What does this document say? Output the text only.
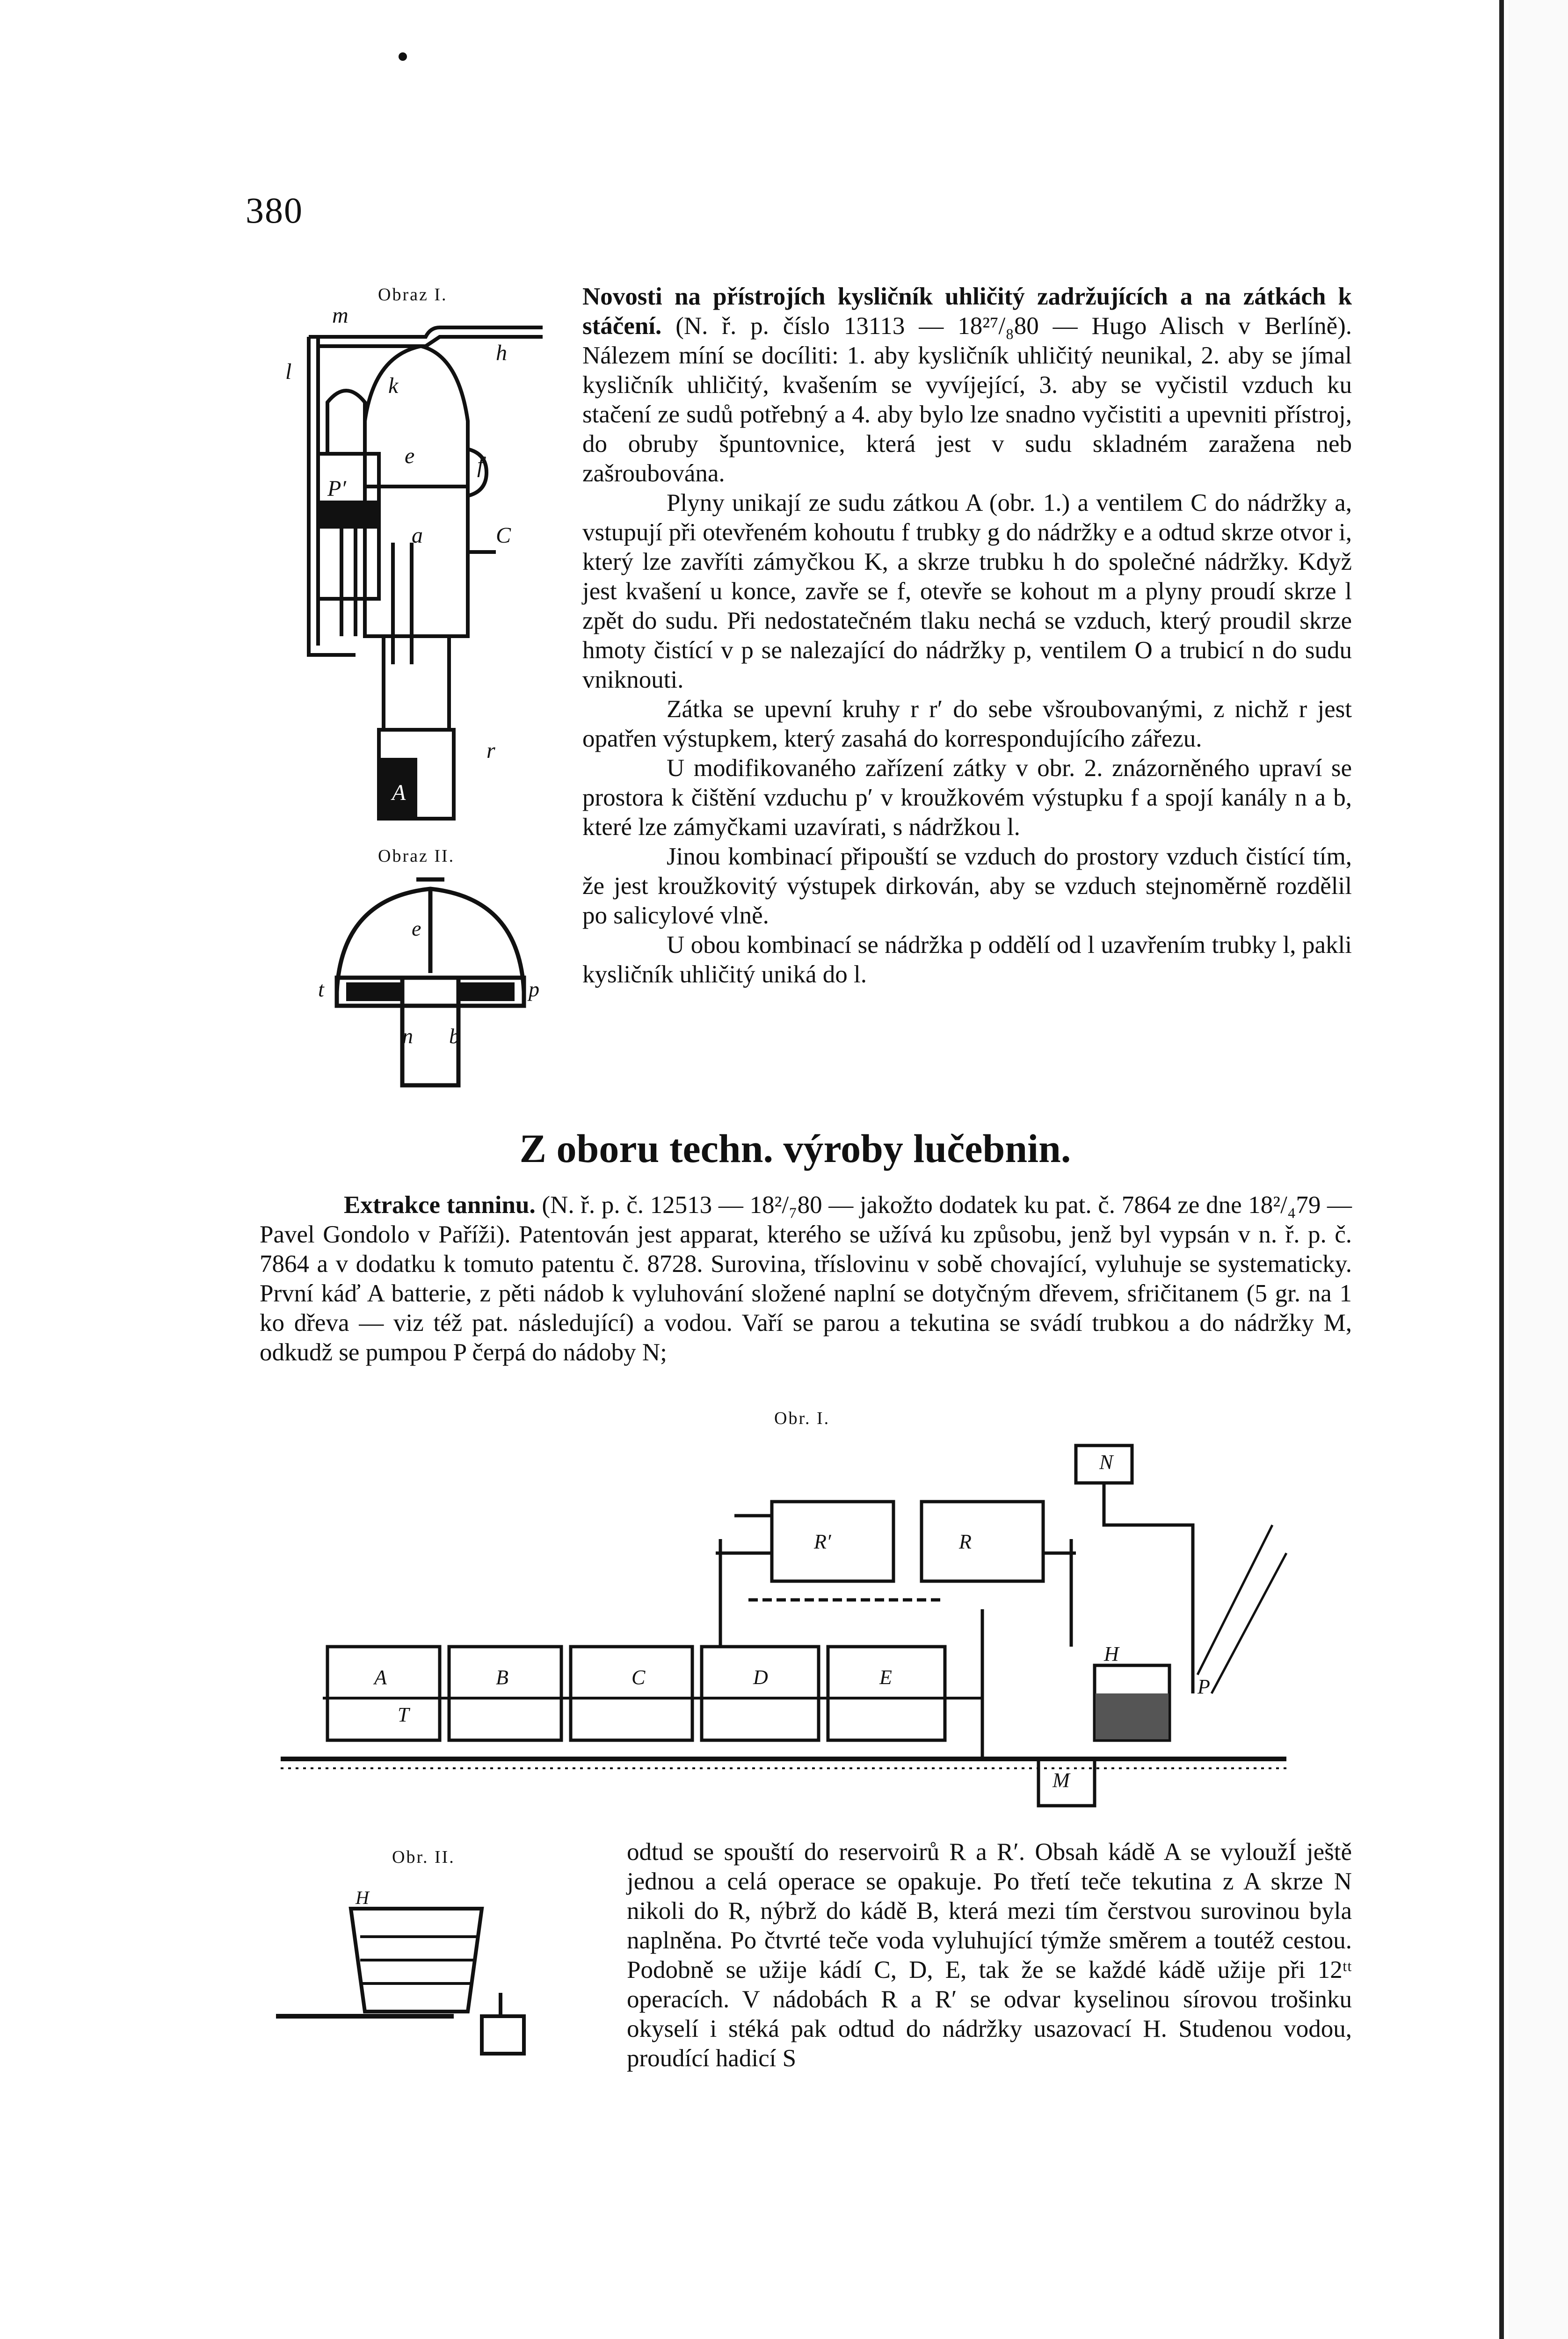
380
Obraz I.
l
m
h
k
e	f
a	C
P′
r
A
Obraz II.
e
t	p
b
n

Novosti na přístrojích kysličník uhličitý zadržujících a na zátkách k stáčení. (N. ř. p. číslo 13113 — 18²⁷/₈80 — Hugo Alisch v Berlíně). Nálezem míní se docíliti: 1. aby kysličník uhličitý neunikal, 2. aby se jímal kysličník uhličitý, kvašením se vyvíjející, 3. aby se vyčistil vzduch ku stačení ze sudů potřebný a 4. aby bylo lze snadno vyčistiti a upevniti přístroj, do obruby špuntovnice, která jest v sudu skladném zaražena neb zašroubována.

Plyny unikají ze sudu zátkou A (obr. 1.) a ventilem C do nádržky a, vstupují při otevřeném kohoutu f trubky g do nádržky e a odtud skrze otvor i, který lze zavříti zámyčkou K, a skrze trubku h do společné nádržky. Když jest kvašení u konce, zavře se f, otevře se kohout m a plyny proudí skrze l zpět do sudu. Při nedostatečném tlaku nechá se vzduch, který proudil skrze hmoty čistící v p se nalezající do nádržky p, ventilem O a trubicí n do sudu vniknouti.

Zátka se upevní kruhy r r′ do sebe všroubovanými, z nichž r jest opatřen výstupkem, který zasahá do korrespondujícího zářezu.

U modifikovaného zařízení zátky v obr. 2. znázorněného upraví se prostora k čištění vzduchu p′ v kroužkovém výstupku f a spojí kanály n a b, které lze zámyčkami uzavírati, s nádržkou l.

Jinou kombinací připouští se vzduch do prostory vzduch čistící tím, že jest kroužkovitý výstupek dirkován, aby se vzduch stejnoměrně rozdělil po salicylové vlně.

U obou kombinací se nádržka p oddělí od l uzavřením trubky l, pakli kysličník uhličitý uniká do l.

Z oboru techn. výroby lučebnin.

Extrakce tanninu. (N. ř. p. č. 12513 — 18²/₇80 — jakožto dodatek ku pat. č. 7864 ze dne 18²/₄79 — Pavel Gondolo v Paříži). Patentován jest apparat, kterého se užívá ku způsobu, jenž byl vypsán v n. ř. p. č. 7864 a v dodatku k tomuto patentu č. 8728. Surovina, tříslovinu v sobě chovající, vyluhuje se systematicky. První káď A batterie, z pěti nádob k vyluhování složené naplní se dotyčným dřevem, sfričitanem (5 gr. na 1 ko dřeva — viz též pat. následující) a vodou. Vaří se parou a tekutina se svádí trubkou a do nádržky M, odkudž se pumpou P čerpá do nádoby N;

Obr. I.
A	B	C	D	E
R′	R
N
H
P
M
T
Obr. II.
H

odtud se spouští do reservoirů R a R′. Obsah kádě A se vyloužÍ ještě jednou a celá operace se opakuje. Po třetí teče tekutina z A skrze N nikoli do R, nýbrž do kádě B, která mezi tím čerstvou surovinou byla naplněna. Po čtvrté teče voda vyluhující týmže směrem a toutéž cestou. Podobně se užije kádí C, D, E, tak že se každé kádě užije při 12ᵗᵗ operacích. V nádobách R a R′ se odvar kyselinou sírovou trošinku okyselí i stéká pak odtud do nádržky usazovací H. Studenou vodou, proudící hadicí S
